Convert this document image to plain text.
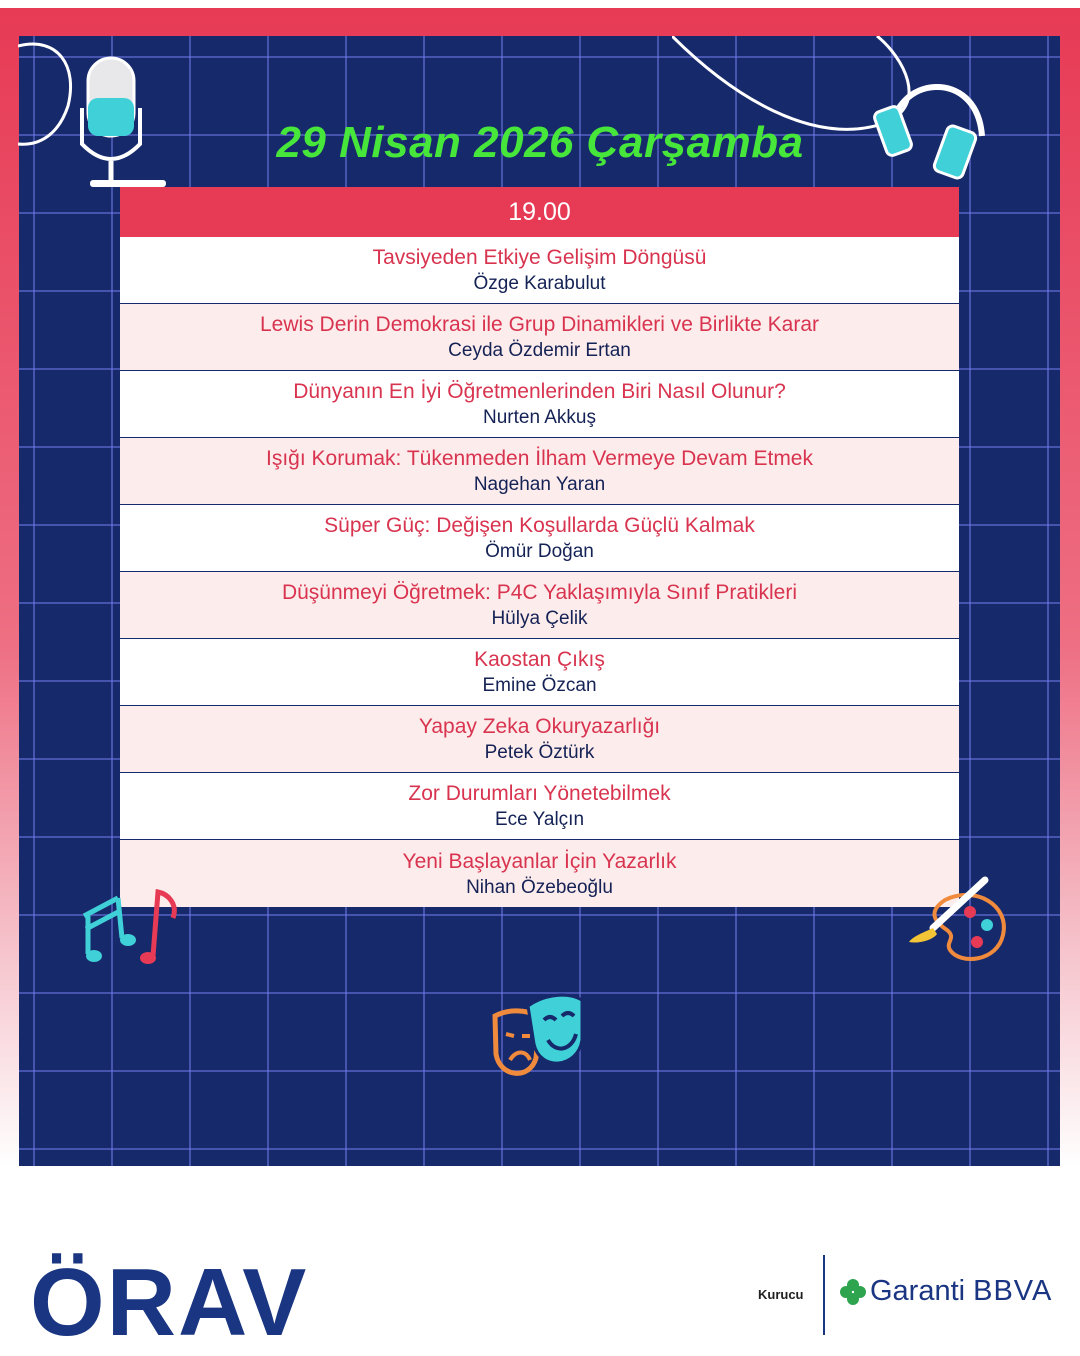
29 Nisan 2026 Çarşamba
19.00
Tavsiyeden Etkiye Gelişim Döngüsü
Özge Karabulut
Lewis Derin Demokrasi ile Grup Dinamikleri ve Birlikte Karar
Ceyda Özdemir Ertan
Dünyanın En İyi Öğretmenlerinden Biri Nasıl Olunur?
Nurten Akkuş
Işığı Korumak: Tükenmeden İlham Vermeye Devam Etmek
Nagehan Yaran
Süper Güç: Değişen Koşullarda Güçlü Kalmak
Ömür Doğan
Düşünmeyi Öğretmek: P4C Yaklaşımıyla Sınıf Pratikleri
Hülya Çelik
Kaostan Çıkış
Emine Özcan
Yapay Zeka Okuryazarlığı
Petek Öztürk
Zor Durumları Yönetebilmek
Ece Yalçın
Yeni Başlayanlar İçin Yazarlık
Nihan Özebeoğlu
ÖRAV	Kurucu Garanti BBVA
